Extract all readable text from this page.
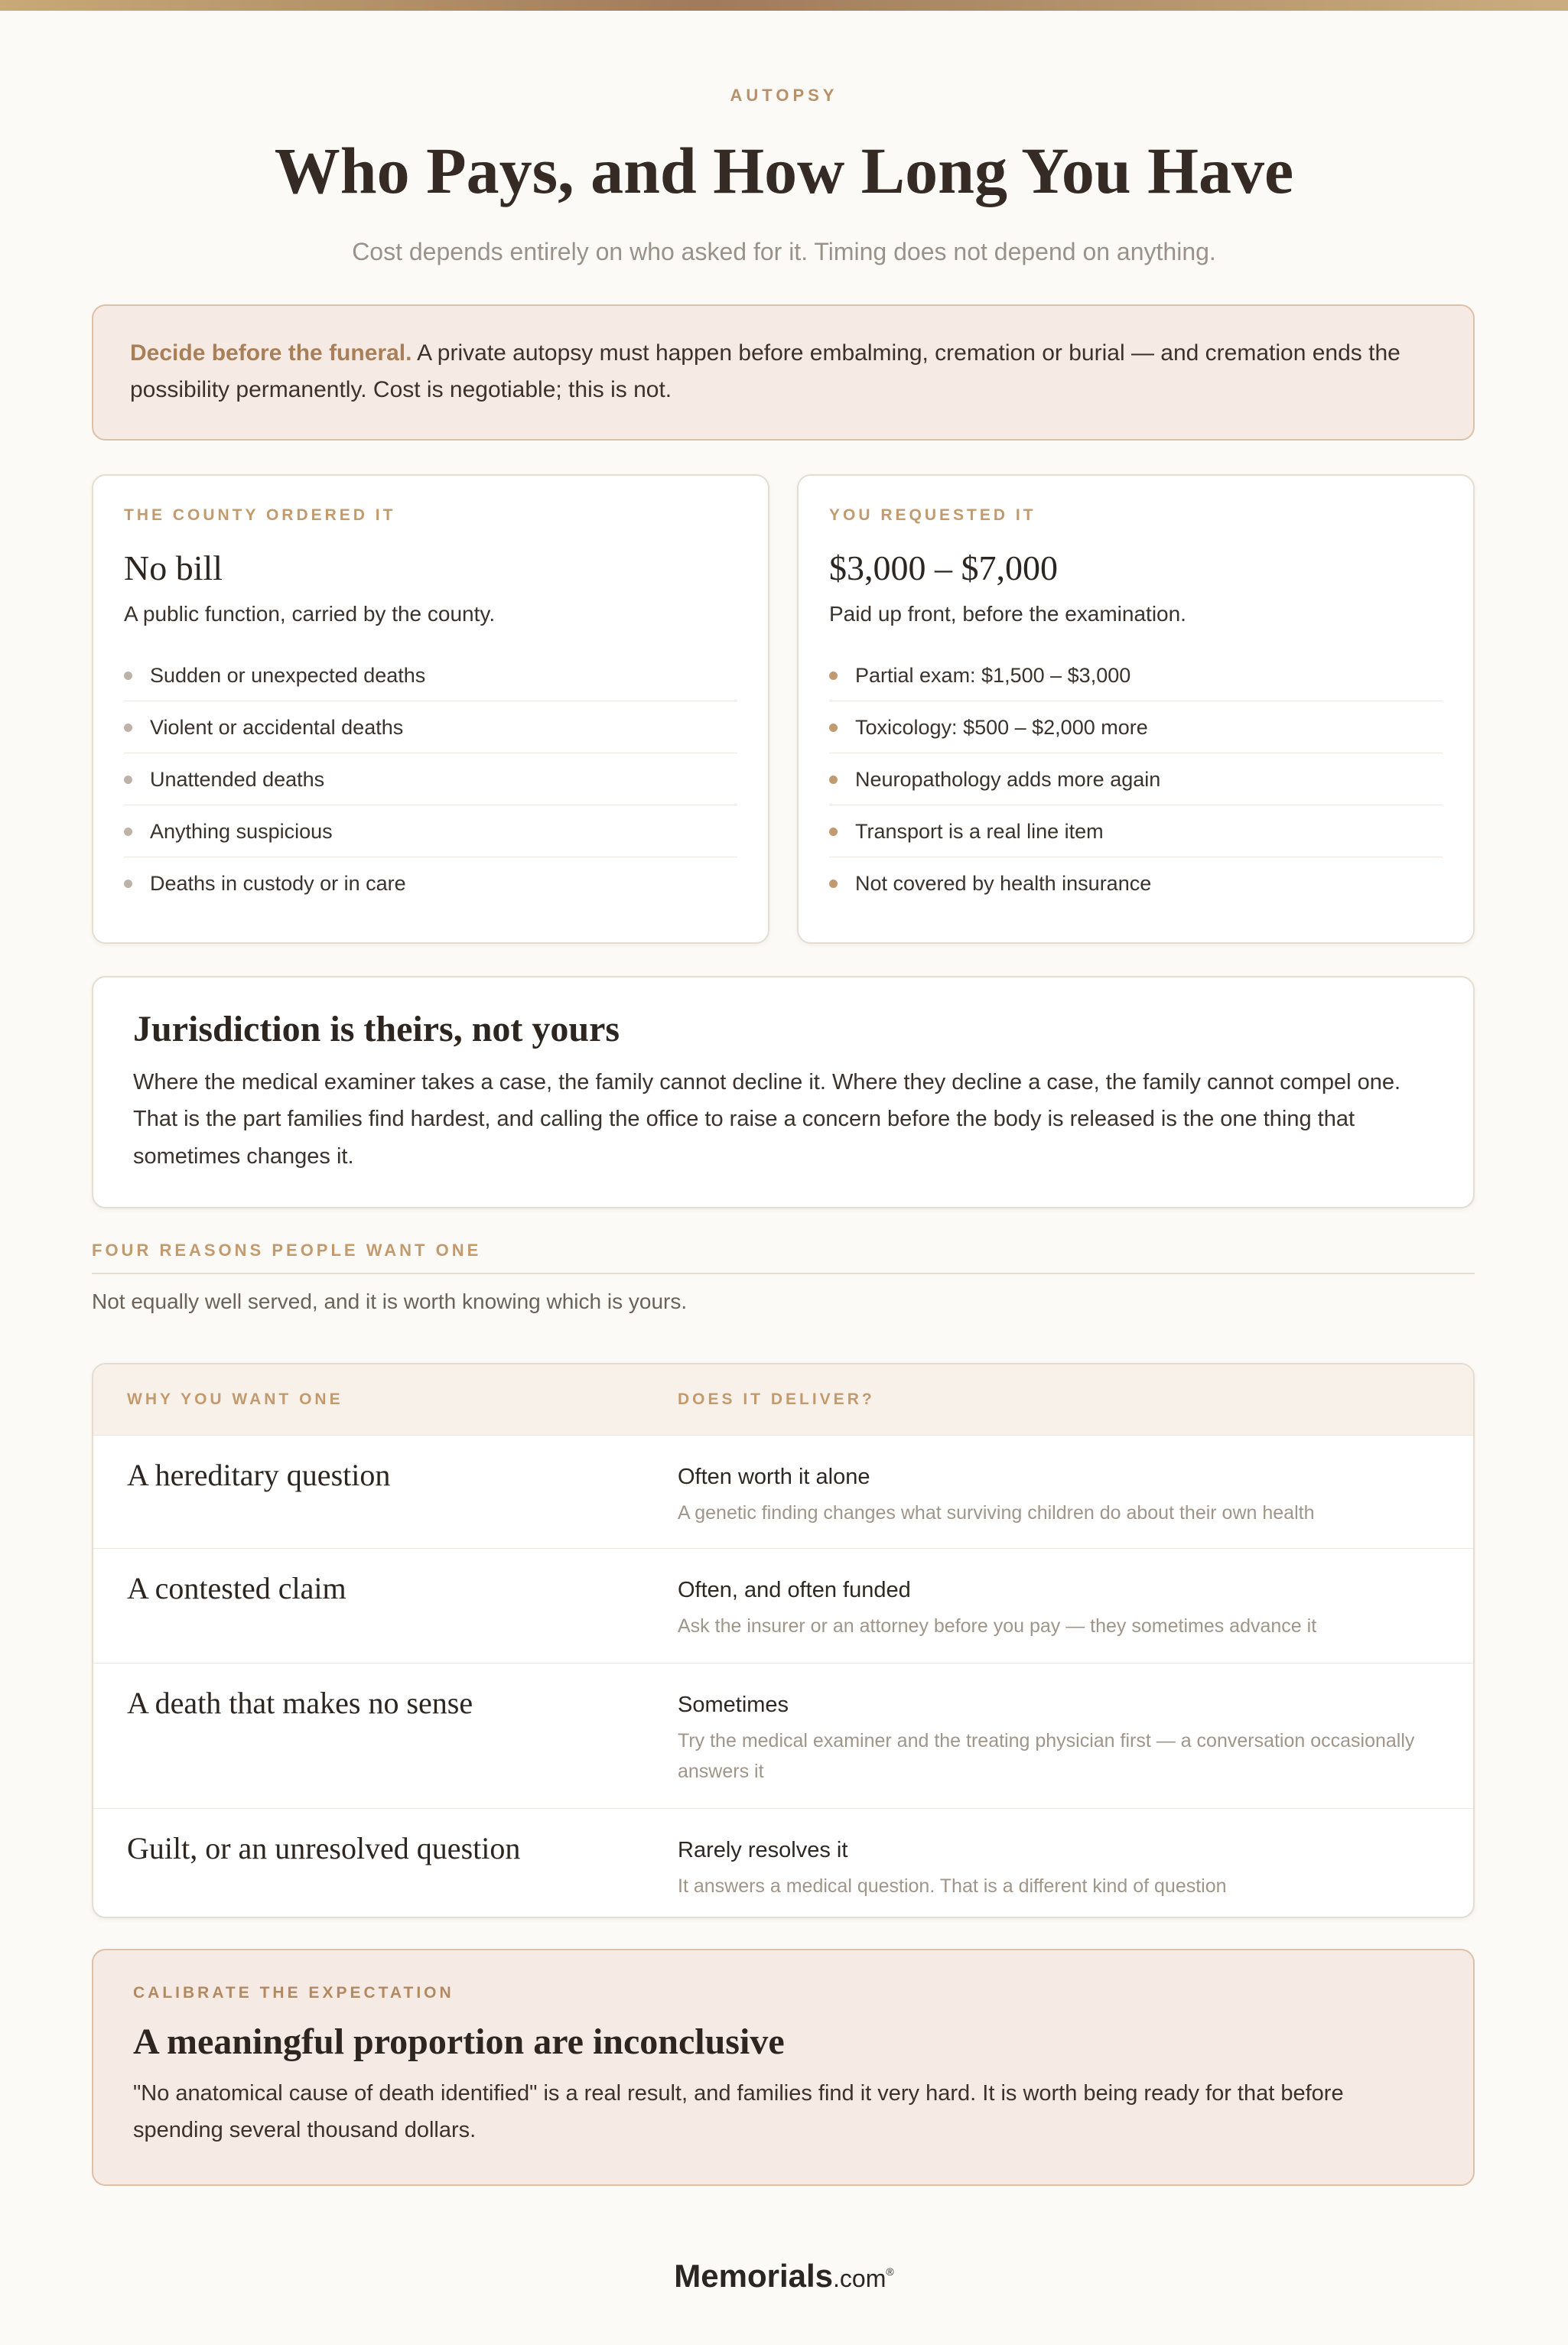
AUTOPSY
Who Pays, and How Long You Have
Cost depends entirely on who asked for it. Timing does not depend on anything.
Decide before the funeral. A private autopsy must happen before embalming, cremation or burial — and cremation ends the possibility permanently. Cost is negotiable; this is not.
THE COUNTY ORDERED IT
No bill
A public function, carried by the county.
Sudden or unexpected deaths
Violent or accidental deaths
Unattended deaths
Anything suspicious
Deaths in custody or in care
YOU REQUESTED IT
$3,000 – $7,000
Paid up front, before the examination.
Partial exam: $1,500 – $3,000
Toxicology: $500 – $2,000 more
Neuropathology adds more again
Transport is a real line item
Not covered by health insurance
Jurisdiction is theirs, not yours

Where the medical examiner takes a case, the family cannot decline it. Where they decline a case, the family cannot compel one. That is the part families find hardest, and calling the office to raise a concern before the body is released is the one thing that sometimes changes it.

FOUR REASONS PEOPLE WANT ONE
Not equally well served, and it is worth knowing which is yours.
WHY YOU WANT ONE	DOES IT DELIVER?
A hereditary question	Often worth it alone
A genetic finding changes what surviving children do about their own health
A contested claim	Often, and often funded
Ask the insurer or an attorney before you pay — they sometimes advance it
A death that makes no sense	Sometimes
Try the medical examiner and the treating physician first — a conversation occasionally answers it
Guilt, or an unresolved question	Rarely resolves it
It answers a medical question. That is a different kind of question
CALIBRATE THE EXPECTATION
A meaningful proportion are inconclusive

"No anatomical cause of death identified" is a real result, and families find it very hard. It is worth being ready for that before spending several thousand dollars.

Memorials.com®
